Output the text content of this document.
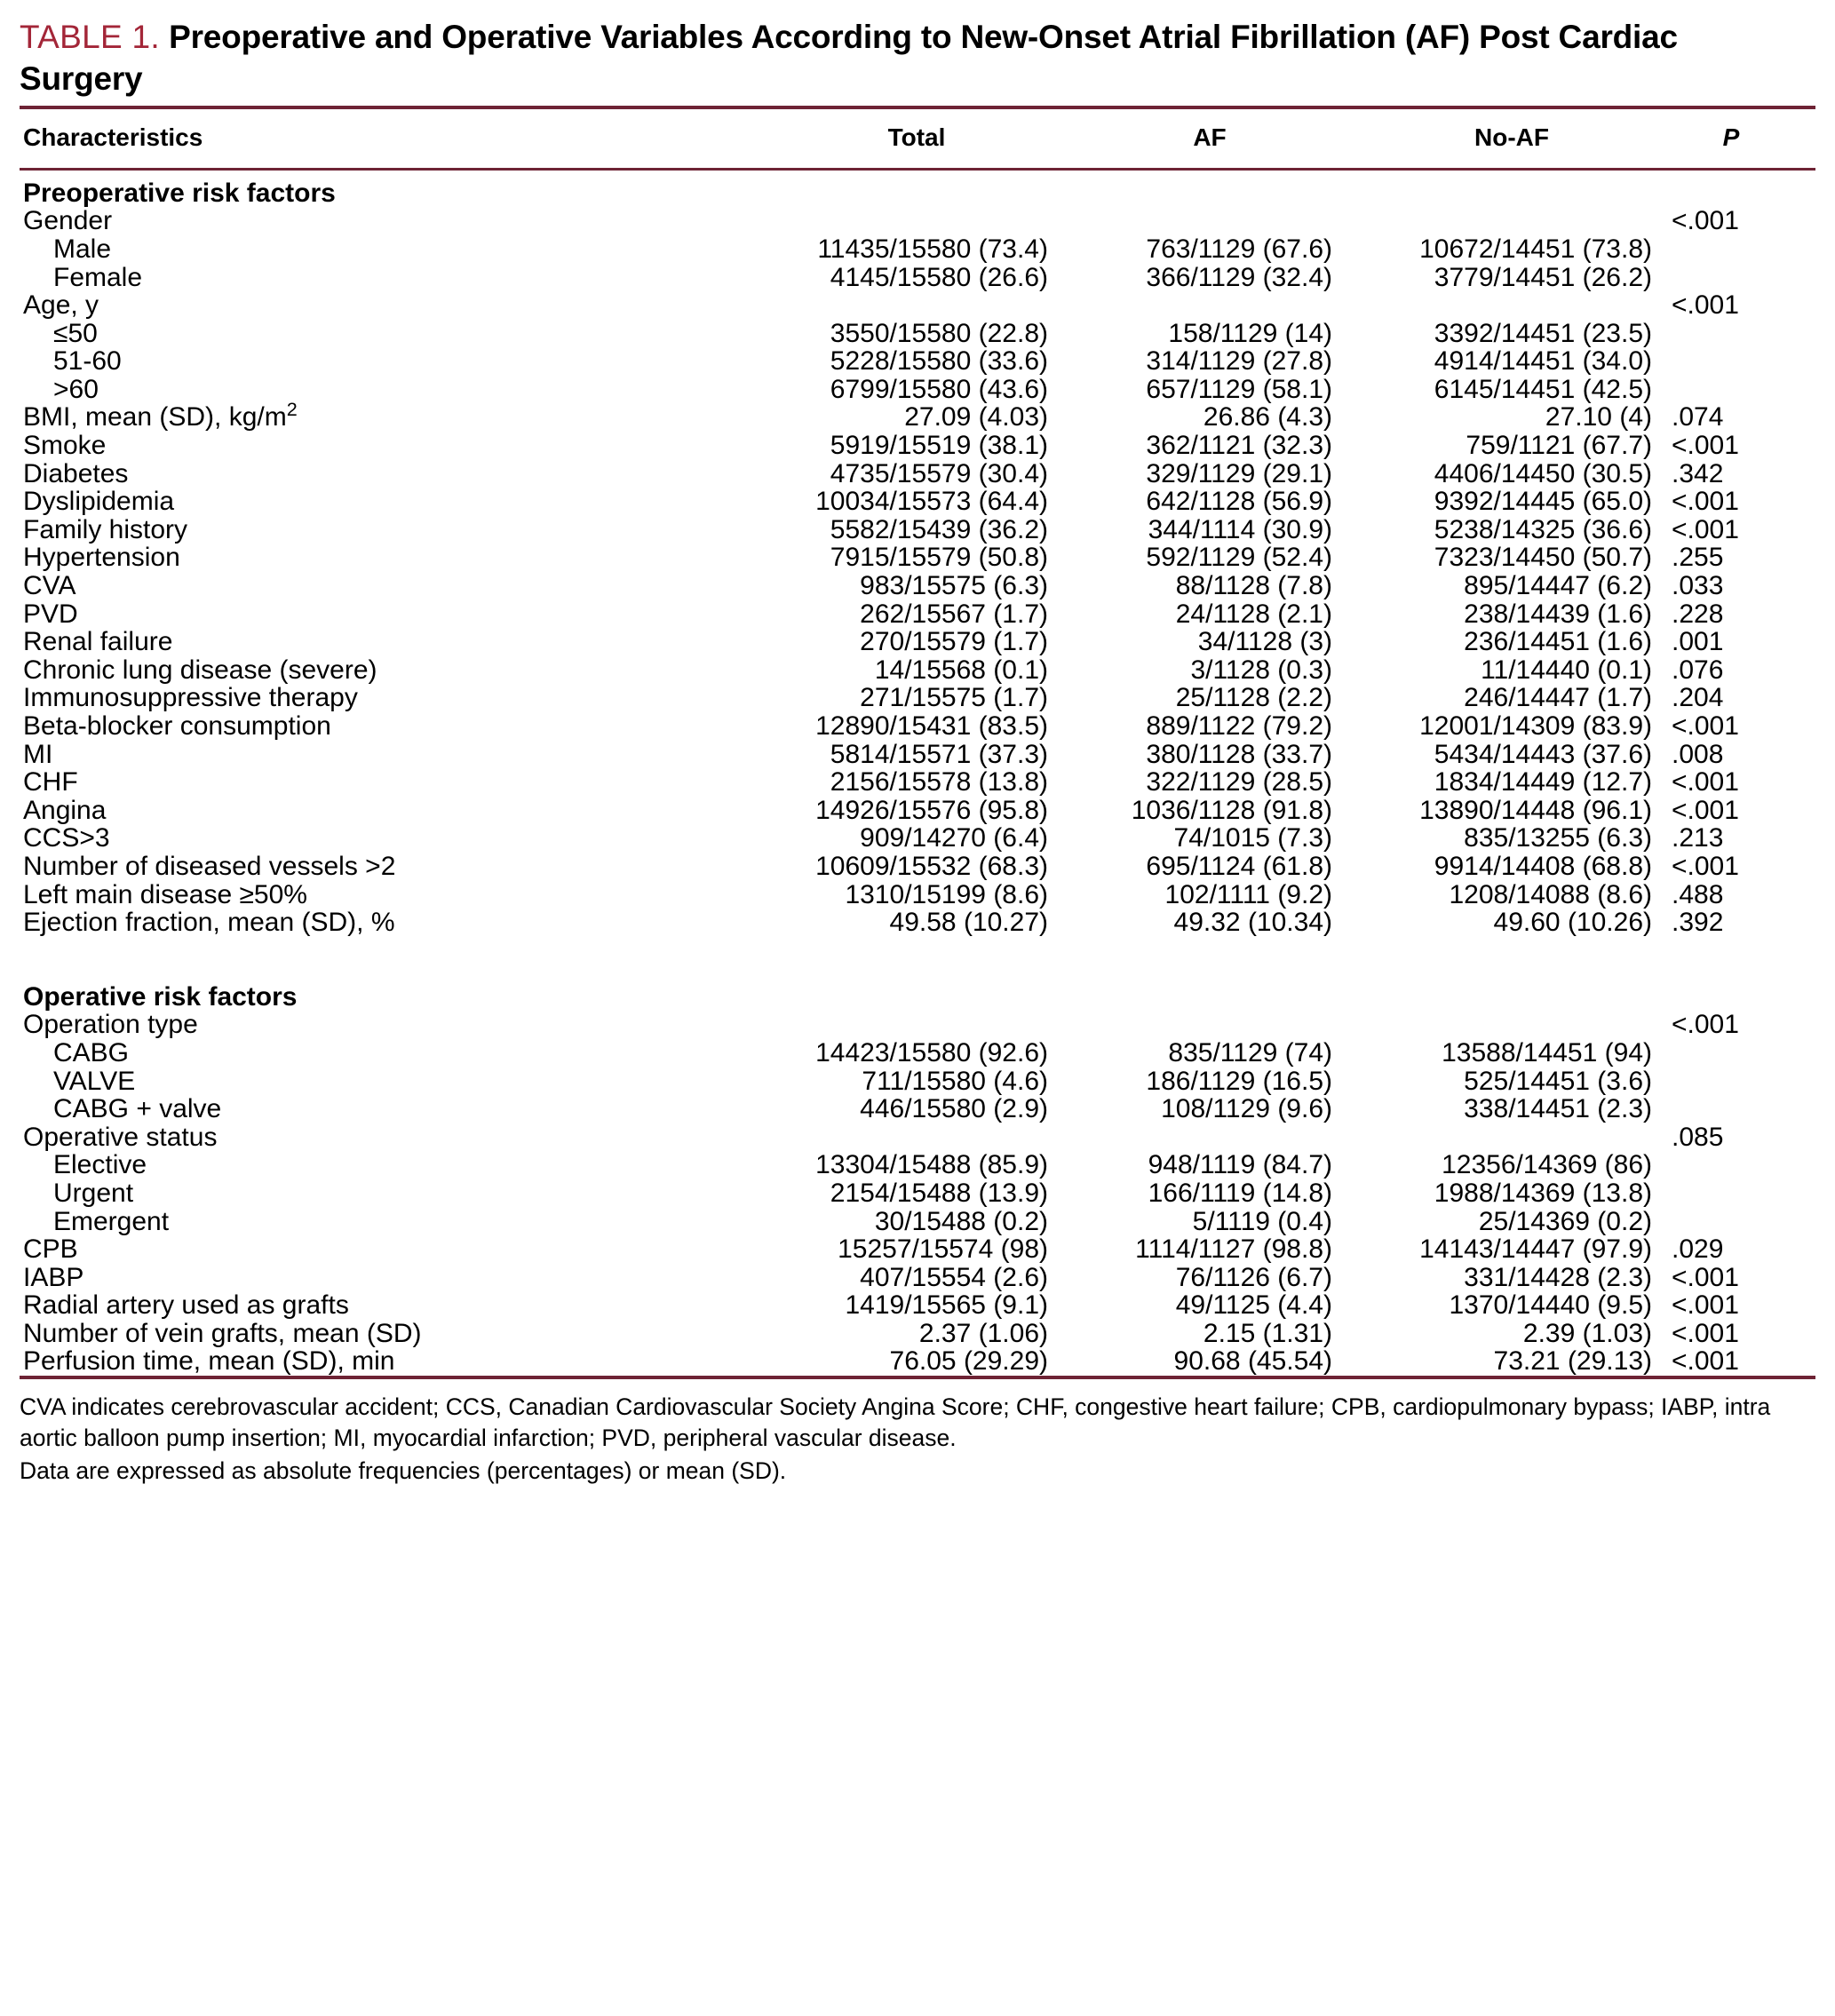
TABLE 1. Preoperative and Operative Variables According to New-Onset Atrial Fibrillation (AF) Post Cardiac Surgery
Characteristics	Total	AF	No-AF	P
Preoperative risk factors				
Gender				<.001
Male	11435/15580 (73.4)	763/1129 (67.6)	10672/14451 (73.8)	
Female	4145/15580 (26.6)	366/1129 (32.4)	3779/14451 (26.2)	
Age, y				<.001
≤50	3550/15580 (22.8)	158/1129 (14)	3392/14451 (23.5)	
51-60	5228/15580 (33.6)	314/1129 (27.8)	4914/14451 (34.0)	
>60	6799/15580 (43.6)	657/1129 (58.1)	6145/14451 (42.5)	
BMI, mean (SD), $kg/m^2$	27.09 (4.03)	26.86 (4.3)	27.10 (4)	.074
Smoke	5919/15519 (38.1)	362/1121 (32.3)	759/1121 (67.7)	<.001
Diabetes	4735/15579 (30.4)	329/1129 (29.1)	4406/14450 (30.5)	.342
Dyslipidemia	10034/15573 (64.4)	642/1128 (56.9)	9392/14445 (65.0)	<.001
Family history	5582/15439 (36.2)	344/1114 (30.9)	5238/14325 (36.6)	<.001
Hypertension	7915/15579 (50.8)	592/1129 (52.4)	7323/14450 (50.7)	.255
CVA	983/15575 (6.3)	88/1128 (7.8)	895/14447 (6.2)	.033
PVD	262/15567 (1.7)	24/1128 (2.1)	238/14439 (1.6)	.228
Renal failure	270/15579 (1.7)	34/1128 (3)	236/14451 (1.6)	.001
Chronic lung disease (severe)	14/15568 (0.1)	3/1128 (0.3)	11/14440 (0.1)	.076
Immunosuppressive therapy	271/15575 (1.7)	25/1128 (2.2)	246/14447 (1.7)	.204
Beta-blocker consumption	12890/15431 (83.5)	889/1122 (79.2)	12001/14309 (83.9)	<.001
MI	5814/15571 (37.3)	380/1128 (33.7)	5434/14443 (37.6)	.008
CHF	2156/15578 (13.8)	322/1129 (28.5)	1834/14449 (12.7)	<.001
Angina	14926/15576 (95.8)	1036/1128 (91.8)	13890/14448 (96.1)	<.001
CCS>3	909/14270 (6.4)	74/1015 (7.3)	835/13255 (6.3)	.213
Number of diseased vessels >2	10609/15532 (68.3)	695/1124 (61.8)	9914/14408 (68.8)	<.001
Left main disease ≥50%	1310/15199 (8.6)	102/1111 (9.2)	1208/14088 (8.6)	.488
Ejection fraction, mean (SD), %	49.58 (10.27)	49.32 (10.34)	49.60 (10.26)	.392

Operative risk factors				
Operation type				<.001
CABG	14423/15580 (92.6)	835/1129 (74)	13588/14451 (94)	
VALVE	711/15580 (4.6)	186/1129 (16.5)	525/14451 (3.6)	
CABG + valve	446/15580 (2.9)	108/1129 (9.6)	338/14451 (2.3)	
Operative status				.085
Elective	13304/15488 (85.9)	948/1119 (84.7)	12356/14369 (86)	
Urgent	2154/15488 (13.9)	166/1119 (14.8)	1988/14369 (13.8)	
Emergent	30/15488 (0.2)	5/1119 (0.4)	25/14369 (0.2)	
CPB	15257/15574 (98)	1114/1127 (98.8)	14143/14447 (97.9)	.029
IABP	407/15554 (2.6)	76/1126 (6.7)	331/14428 (2.3)	<.001
Radial artery used as grafts	1419/15565 (9.1)	49/1125 (4.4)	1370/14440 (9.5)	<.001
Number of vein grafts, mean (SD)	2.37 (1.06)	2.15 (1.31)	2.39 (1.03)	<.001
Perfusion time, mean (SD), min	76.05 (29.29)	90.68 (45.54)	73.21 (29.13)	<.001

CVA indicates cerebrovascular accident; CCS, Canadian Cardiovascular Society Angina Score; CHF, congestive heart failure; CPB, cardiopulmonary bypass; IABP, intra aortic balloon pump insertion; MI, myocardial infarction; PVD, peripheral vascular disease.

Data are expressed as absolute frequencies (percentages) or mean (SD).
